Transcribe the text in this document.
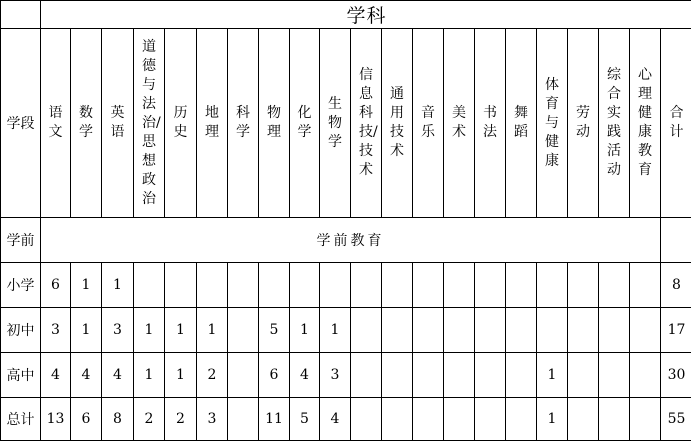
	学科																				
学段	语文	数学	英语	道德与法治/思想政治	历史	地理	科学	物理	化学	生物学	信息科技/技术	通用技术	音乐	美术	书法	舞蹈	体育与健康	劳动	综合实践活动	心理健康教育	合计
学前	学前教育																				
小学	6	1	1																		8
初中	3	1	3	1	1	1		5	1	1											17
高中	4	4	4	1	1	2		6	4	3							1				30
总计	13	6	8	2	2	3		11	5	4							1				55
